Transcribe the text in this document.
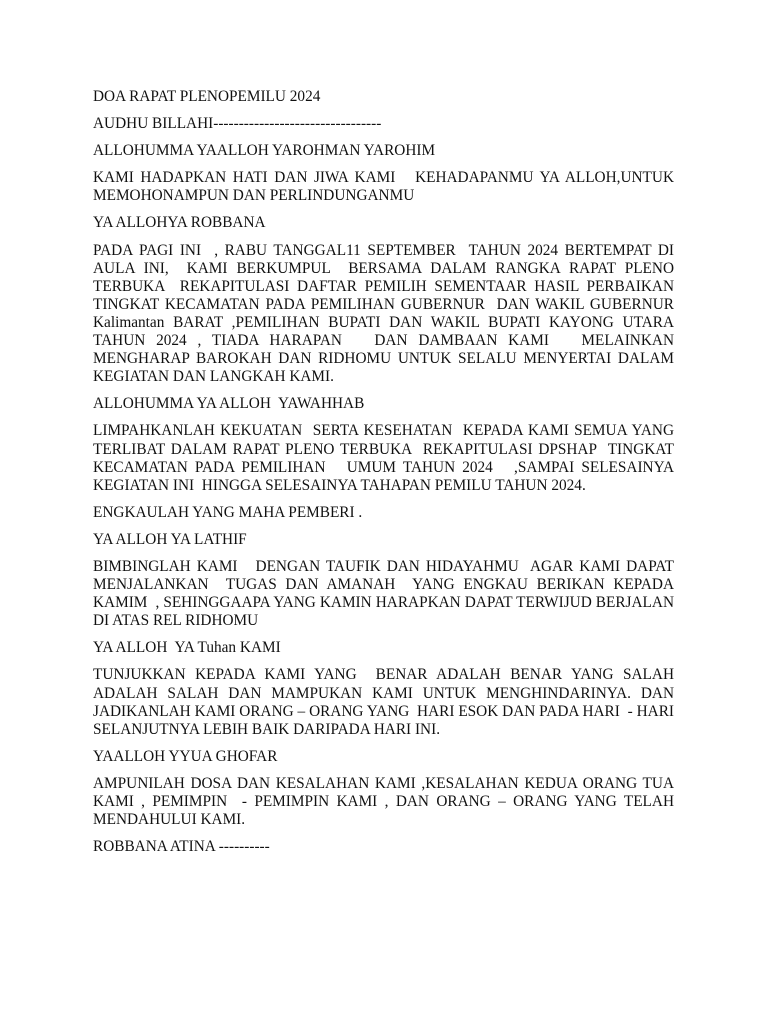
DOA RAPAT PLENOPEMILU 2024

AUDHU BILLAHI---------------------------------

ALLOHUMMA YAALLOH YAROHMAN YAROHIM

KAMI HADAPKAN HATI DAN JIWA KAMI   KEHADAPANMU YA ALLOH,UNTUK MEMOHONAMPUN DAN PERLINDUNGANMU

YA ALLOHYA ROBBANA

PADA PAGI INI  , RABU TANGGAL11 SEPTEMBER  TAHUN 2024 BERTEMPAT DI AULA INI,  KAMI BERKUMPUL  BERSAMA DALAM RANGKA RAPAT PLENO TERBUKA  REKAPITULASI DAFTAR PEMILIH SEMENTAAR HASIL PERBAIKAN TINGKAT KECAMATAN PADA PEMILIHAN GUBERNUR  DAN WAKIL GUBERNUR Kalimantan BARAT ,PEMILIHAN BUPATI DAN WAKIL BUPATI KAYONG UTARA TAHUN 2024 , TIADA HARAPAN   DAN DAMBAAN KAMI   MELAINKAN MENGHARAP BAROKAH DAN RIDHOMU UNTUK SELALU MENYERTAI DALAM KEGIATAN DAN LANGKAH KAMI.

ALLOHUMMA YA ALLOH  YAWAHHAB

LIMPAHKANLAH KEKUATAN  SERTA KESEHATAN  KEPADA KAMI SEMUA YANG TERLIBAT DALAM RAPAT PLENO TERBUKA  REKAPITULASI DPSHAP  TINGKAT KECAMATAN PADA PEMILIHAN   UMUM TAHUN 2024   ,SAMPAI SELESAINYA KEGIATAN INI  HINGGA SELESAINYA TAHAPAN PEMILU TAHUN 2024.

ENGKAULAH YANG MAHA PEMBERI .

YA ALLOH YA LATHIF

BIMBINGLAH KAMI   DENGAN TAUFIK DAN HIDAYAHMU  AGAR KAMI DAPAT MENJALANKAN  TUGAS DAN AMANAH  YANG ENGKAU BERIKAN KEPADA KAMIM  , SEHINGGAAPA YANG KAMIN HARAPKAN DAPAT TERWIJUD BERJALAN DI ATAS REL RIDHOMU

YA ALLOH  YA Tuhan KAMI

TUNJUKKAN KEPADA KAMI YANG  BENAR ADALAH BENAR YANG SALAH ADALAH SALAH DAN MAMPUKAN KAMI UNTUK MENGHINDARINYA. DAN JADIKANLAH KAMI ORANG – ORANG YANG  HARI ESOK DAN PADA HARI  - HARI SELANJUTNYA LEBIH BAIK DARIPADA HARI INI.

YAALLOH YYUA GHOFAR

AMPUNILAH DOSA DAN KESALAHAN KAMI ,KESALAHAN KEDUA ORANG TUA KAMI , PEMIMPIN  - PEMIMPIN KAMI , DAN ORANG – ORANG YANG TELAH MENDAHULUI KAMI.

ROBBANA ATINA ----------
